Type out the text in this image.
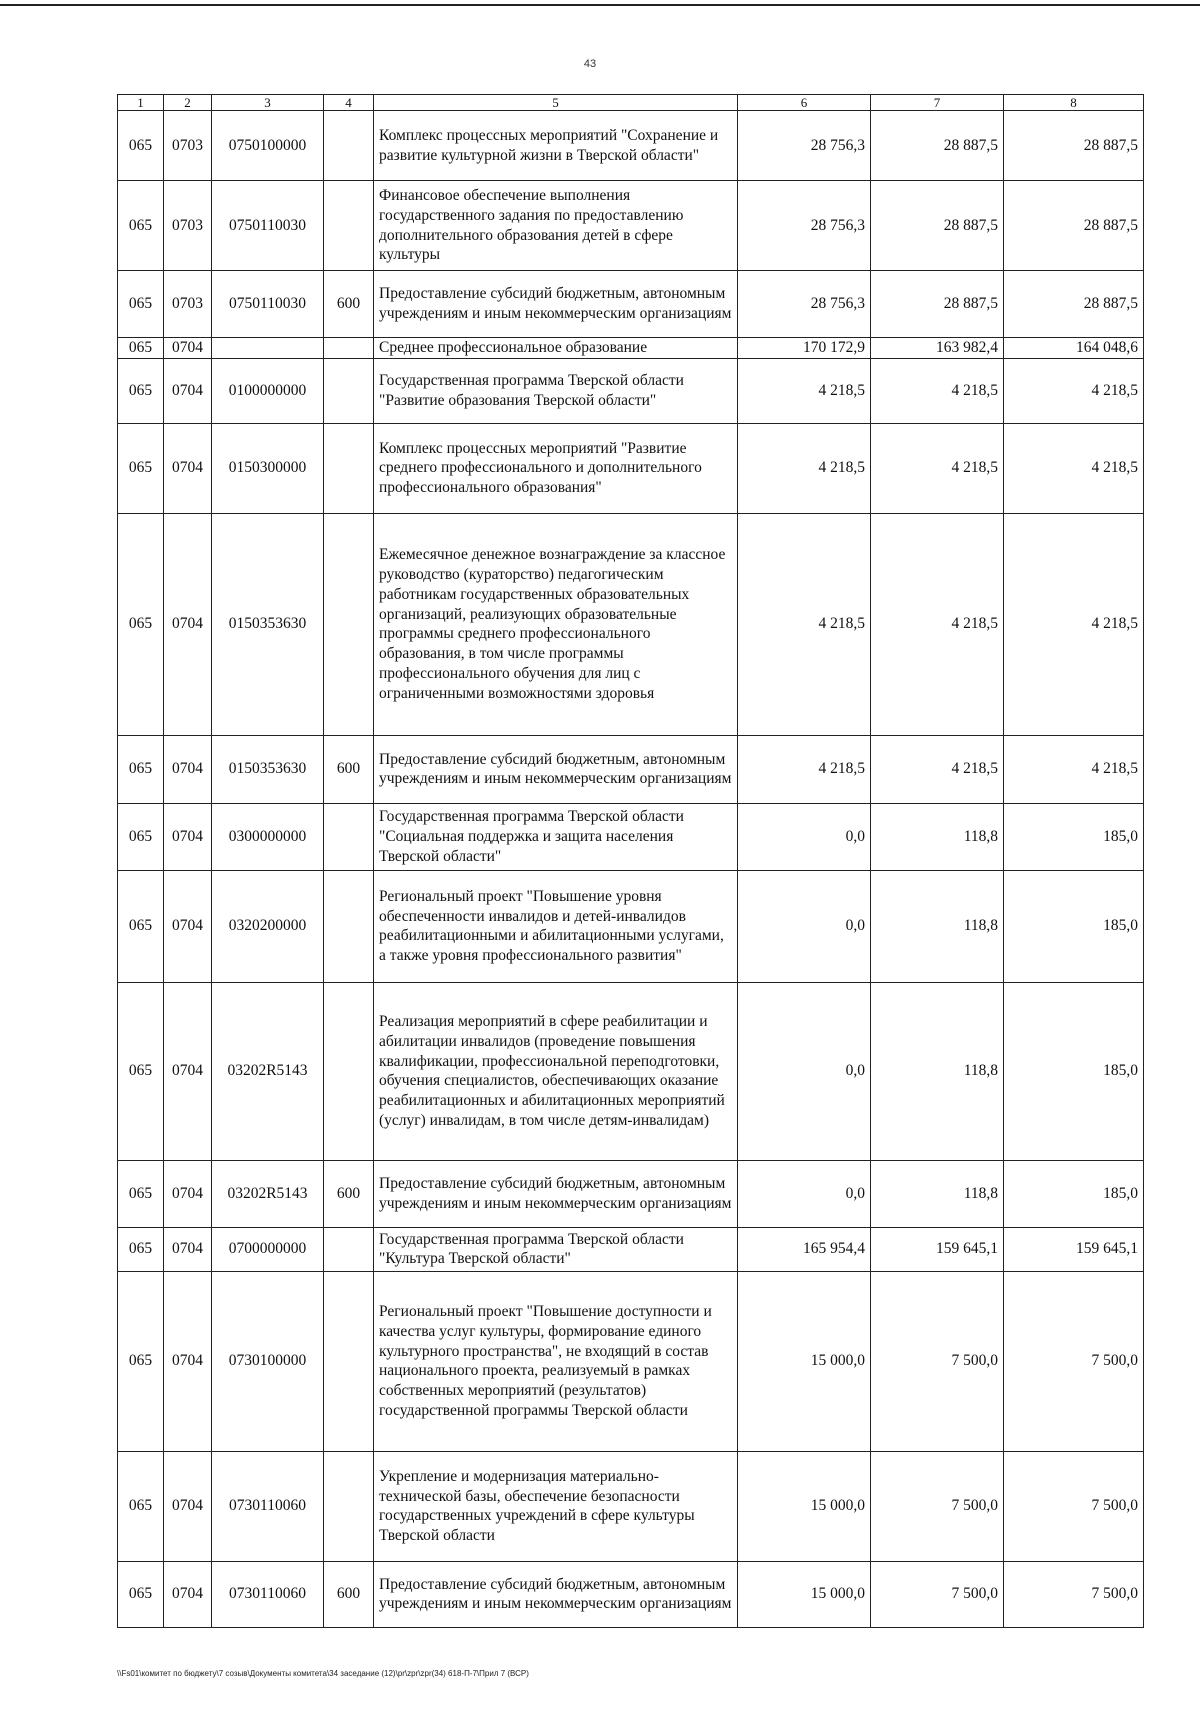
43
1	2	3	4	5	6	7	8
065	0703	0750100000		Комплекс процессных мероприятий "Сохранение и развитие культурной жизни в Тверской области"	28 756,3	28 887,5	28 887,5
065	0703	0750110030		Финансовое обеспечение выполнения государственного задания по предоставлению дополнительного образования детей в сфере культуры	28 756,3	28 887,5	28 887,5
065	0703	0750110030	600	Предоставление субсидий бюджетным, автономным учреждениям и иным некоммерческим организациям	28 756,3	28 887,5	28 887,5
065	0704			Среднее профессиональное образование	170 172,9	163 982,4	164 048,6
065	0704	0100000000		Государственная программа Тверской области "Развитие образования Тверской области"	4 218,5	4 218,5	4 218,5
065	0704	0150300000		Комплекс процессных мероприятий "Развитие среднего профессионального и дополнительного профессионального образования"	4 218,5	4 218,5	4 218,5
065	0704	0150353630		Ежемесячное денежное вознаграждение за классное руководство (кураторство) педагогическим работникам государственных образовательных организаций, реализующих образовательные программы среднего профессионального образования, в том числе программы профессионального обучения для лиц с ограниченными возможностями здоровья	4 218,5	4 218,5	4 218,5
065	0704	0150353630	600	Предоставление субсидий бюджетным, автономным учреждениям и иным некоммерческим организациям	4 218,5	4 218,5	4 218,5
065	0704	0300000000		Государственная программа Тверской области "Социальная поддержка и защита населения Тверской области"	0,0	118,8	185,0
065	0704	0320200000		Региональный проект "Повышение уровня обеспеченности инвалидов и детей-инвалидов реабилитационными и абилитационными услугами, а также уровня профессионального развития"	0,0	118,8	185,0
065	0704	03202R5143		Реализация мероприятий в сфере реабилитации и абилитации инвалидов (проведение повышения квалификации, профессиональной переподготовки, обучения специалистов, обеспечивающих оказание реабилитационных и абилитационных мероприятий (услуг) инвалидам, в том числе детям-инвалидам)	0,0	118,8	185,0
065	0704	03202R5143	600	Предоставление субсидий бюджетным, автономным учреждениям и иным некоммерческим организациям	0,0	118,8	185,0
065	0704	0700000000		Государственная программа Тверской области "Культура Тверской области"	165 954,4	159 645,1	159 645,1
065	0704	0730100000		Региональный проект "Повышение доступности и качества услуг культуры, формирование единого культурного пространства", не входящий в состав национального проекта, реализуемый в рамках собственных мероприятий (результатов) государственной программы Тверской области	15 000,0	7 500,0	7 500,0
065	0704	0730110060		Укрепление и модернизация материально-технической базы, обеспечение безопасности государственных учреждений в сфере культуры Тверской области	15 000,0	7 500,0	7 500,0
065	0704	0730110060	600	Предоставление субсидий бюджетным, автономным учреждениям и иным некоммерческим организациям	15 000,0	7 500,0	7 500,0
\\Fs01\комитет по бюджету\7 созыв\Документы комитета\34 заседание (12)\pr\zpr\zpr(34) 618-П-7\Прил 7 (ВСР)
